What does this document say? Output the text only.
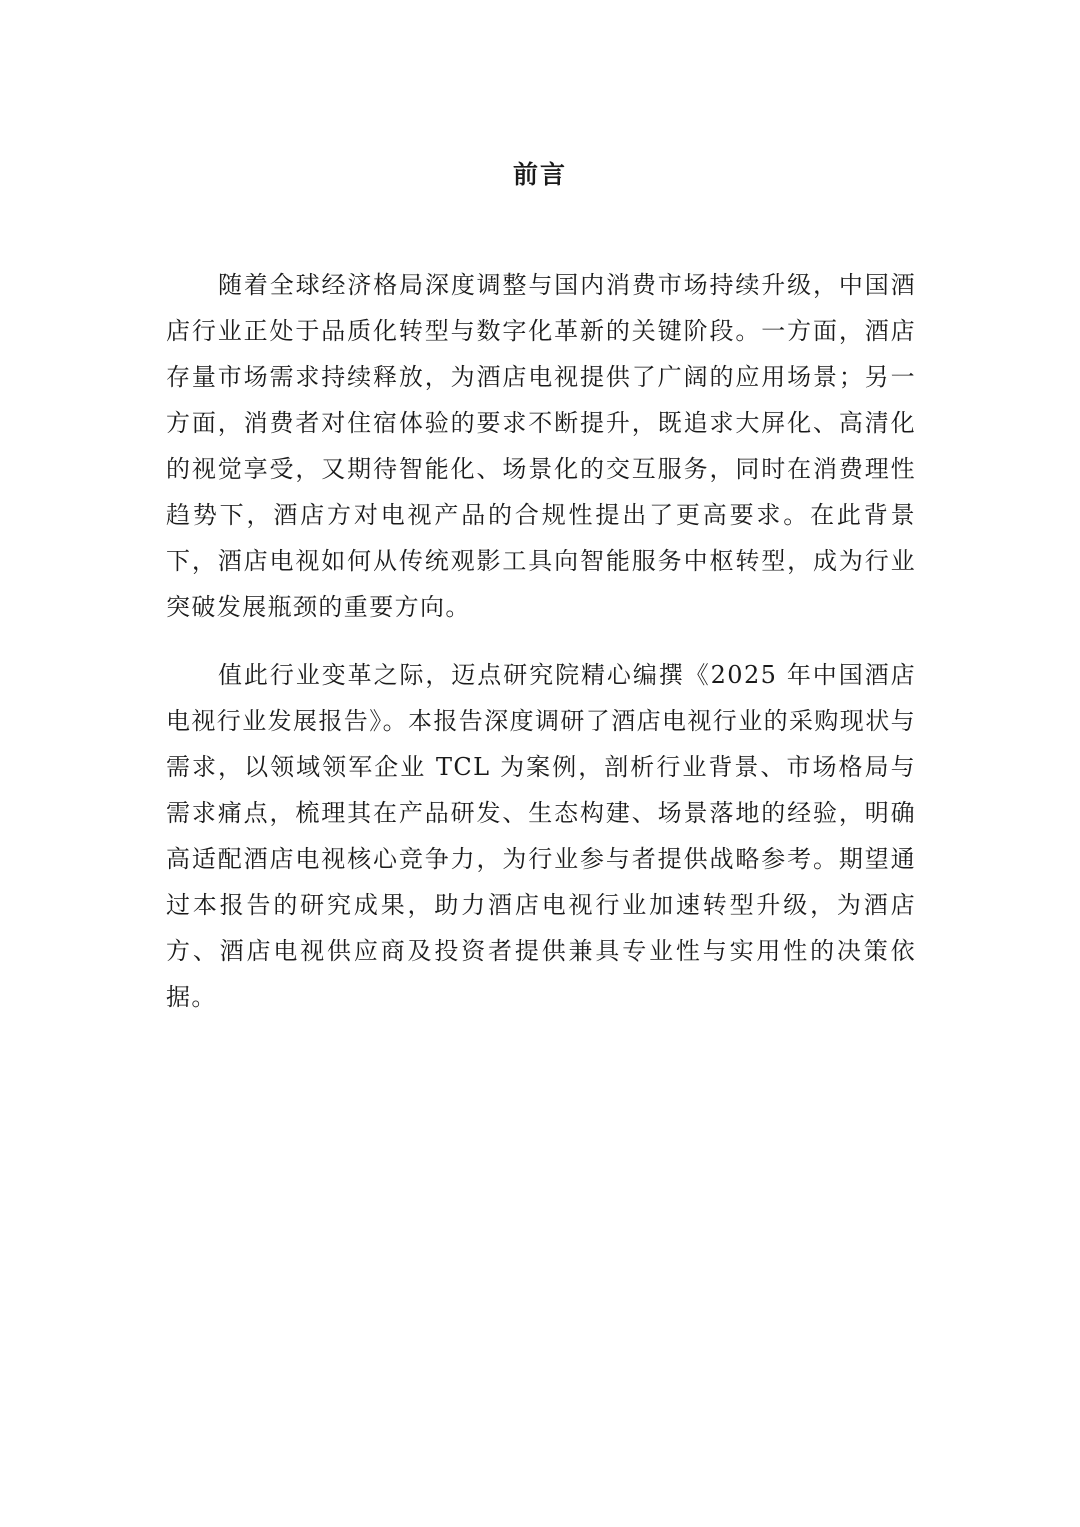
前言

随着全球经济格局深度调整与国内消费市场持续升级，中国酒店行业正处于品质化转型与数字化革新的关键阶段。一方面，酒店存量市场需求持续释放，为酒店电视提供了广阔的应用场景；另一方面，消费者对住宿体验的要求不断提升，既追求大屏化、高清化的视觉享受，又期待智能化、场景化的交互服务，同时在消费理性趋势下，酒店方对电视产品的合规性提出了更高要求。在此背景下，酒店电视如何从传统观影工具向智能服务中枢转型，成为行业突破发展瓶颈的重要方向。

值此行业变革之际，迈点研究院精心编撰《2025 年中国酒店电视行业发展报告》。本报告深度调研了酒店电视行业的采购现状与需求，以领域领军企业 TCL 为案例，剖析行业背景、市场格局与需求痛点，梳理其在产品研发、生态构建、场景落地的经验，明确高适配酒店电视核心竞争力，为行业参与者提供战略参考。期望通过本报告的研究成果，助力酒店电视行业加速转型升级，为酒店方、酒店电视供应商及投资者提供兼具专业性与实用性的决策依据。
